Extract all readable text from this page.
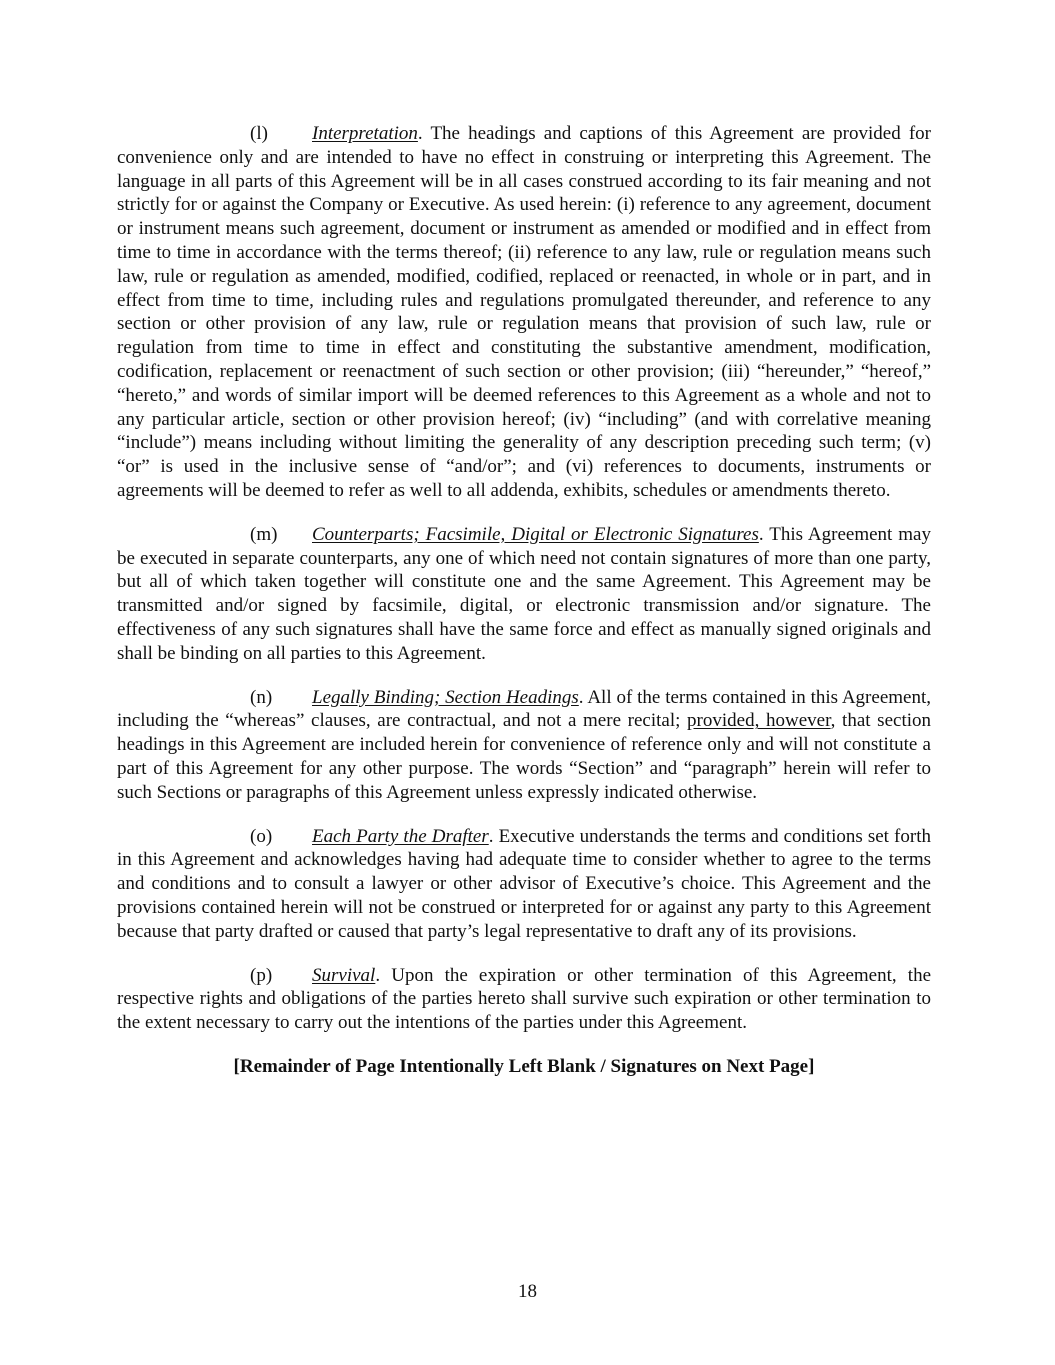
(l) Interpretation. The headings and captions of this Agreement are provided for convenience only and are intended to have no effect in construing or interpreting this Agreement. The language in all parts of this Agreement will be in all cases construed according to its fair meaning and not strictly for or against the Company or Executive. As used herein: (i) reference to any agreement, document or instrument means such agreement, document or instrument as amended or modified and in effect from time to time in accordance with the terms thereof; (ii) reference to any law, rule or regulation means such law, rule or regulation as amended, modified, codified, replaced or reenacted, in whole or in part, and in effect from time to time, including rules and regulations promulgated thereunder, and reference to any section or other provision of any law, rule or regulation means that provision of such law, rule or regulation from time to time in effect and constituting the substantive amendment, modification, codification, replacement or reenactment of such section or other provision; (iii) “hereunder,” “hereof,” “hereto,” and words of similar import will be deemed references to this Agreement as a whole and not to any particular article, section or other provision hereof; (iv) “including” (and with correlative meaning “include”) means including without limiting the generality of any description preceding such term; (v) “or” is used in the inclusive sense of “and/or”; and (vi) references to documents, instruments or agreements will be deemed to refer as well to all addenda, exhibits, schedules or amendments thereto.

(m) Counterparts; Facsimile, Digital or Electronic Signatures. This Agreement may be executed in separate counterparts, any one of which need not contain signatures of more than one party, but all of which taken together will constitute one and the same Agreement. This Agreement may be transmitted and/or signed by facsimile, digital, or electronic transmission and/or signature. The effectiveness of any such signatures shall have the same force and effect as manually signed originals and shall be binding on all parties to this Agreement.

(n) Legally Binding; Section Headings. All of the terms contained in this Agreement, including the “whereas” clauses, are contractual, and not a mere recital; provided, however, that section headings in this Agreement are included herein for convenience of reference only and will not constitute a part of this Agreement for any other purpose. The words “Section” and “paragraph” herein will refer to such Sections or paragraphs of this Agreement unless expressly indicated otherwise.

(o) Each Party the Drafter. Executive understands the terms and conditions set forth in this Agreement and acknowledges having had adequate time to consider whether to agree to the terms and conditions and to consult a lawyer or other advisor of Executive’s choice. This Agreement and the provisions contained herein will not be construed or interpreted for or against any party to this Agreement because that party drafted or caused that party’s legal representative to draft any of its provisions.

(p) Survival. Upon the expiration or other termination of this Agreement, the respective rights and obligations of the parties hereto shall survive such expiration or other termination to the extent necessary to carry out the intentions of the parties under this Agreement.

[Remainder of Page Intentionally Left Blank / Signatures on Next Page]

18
